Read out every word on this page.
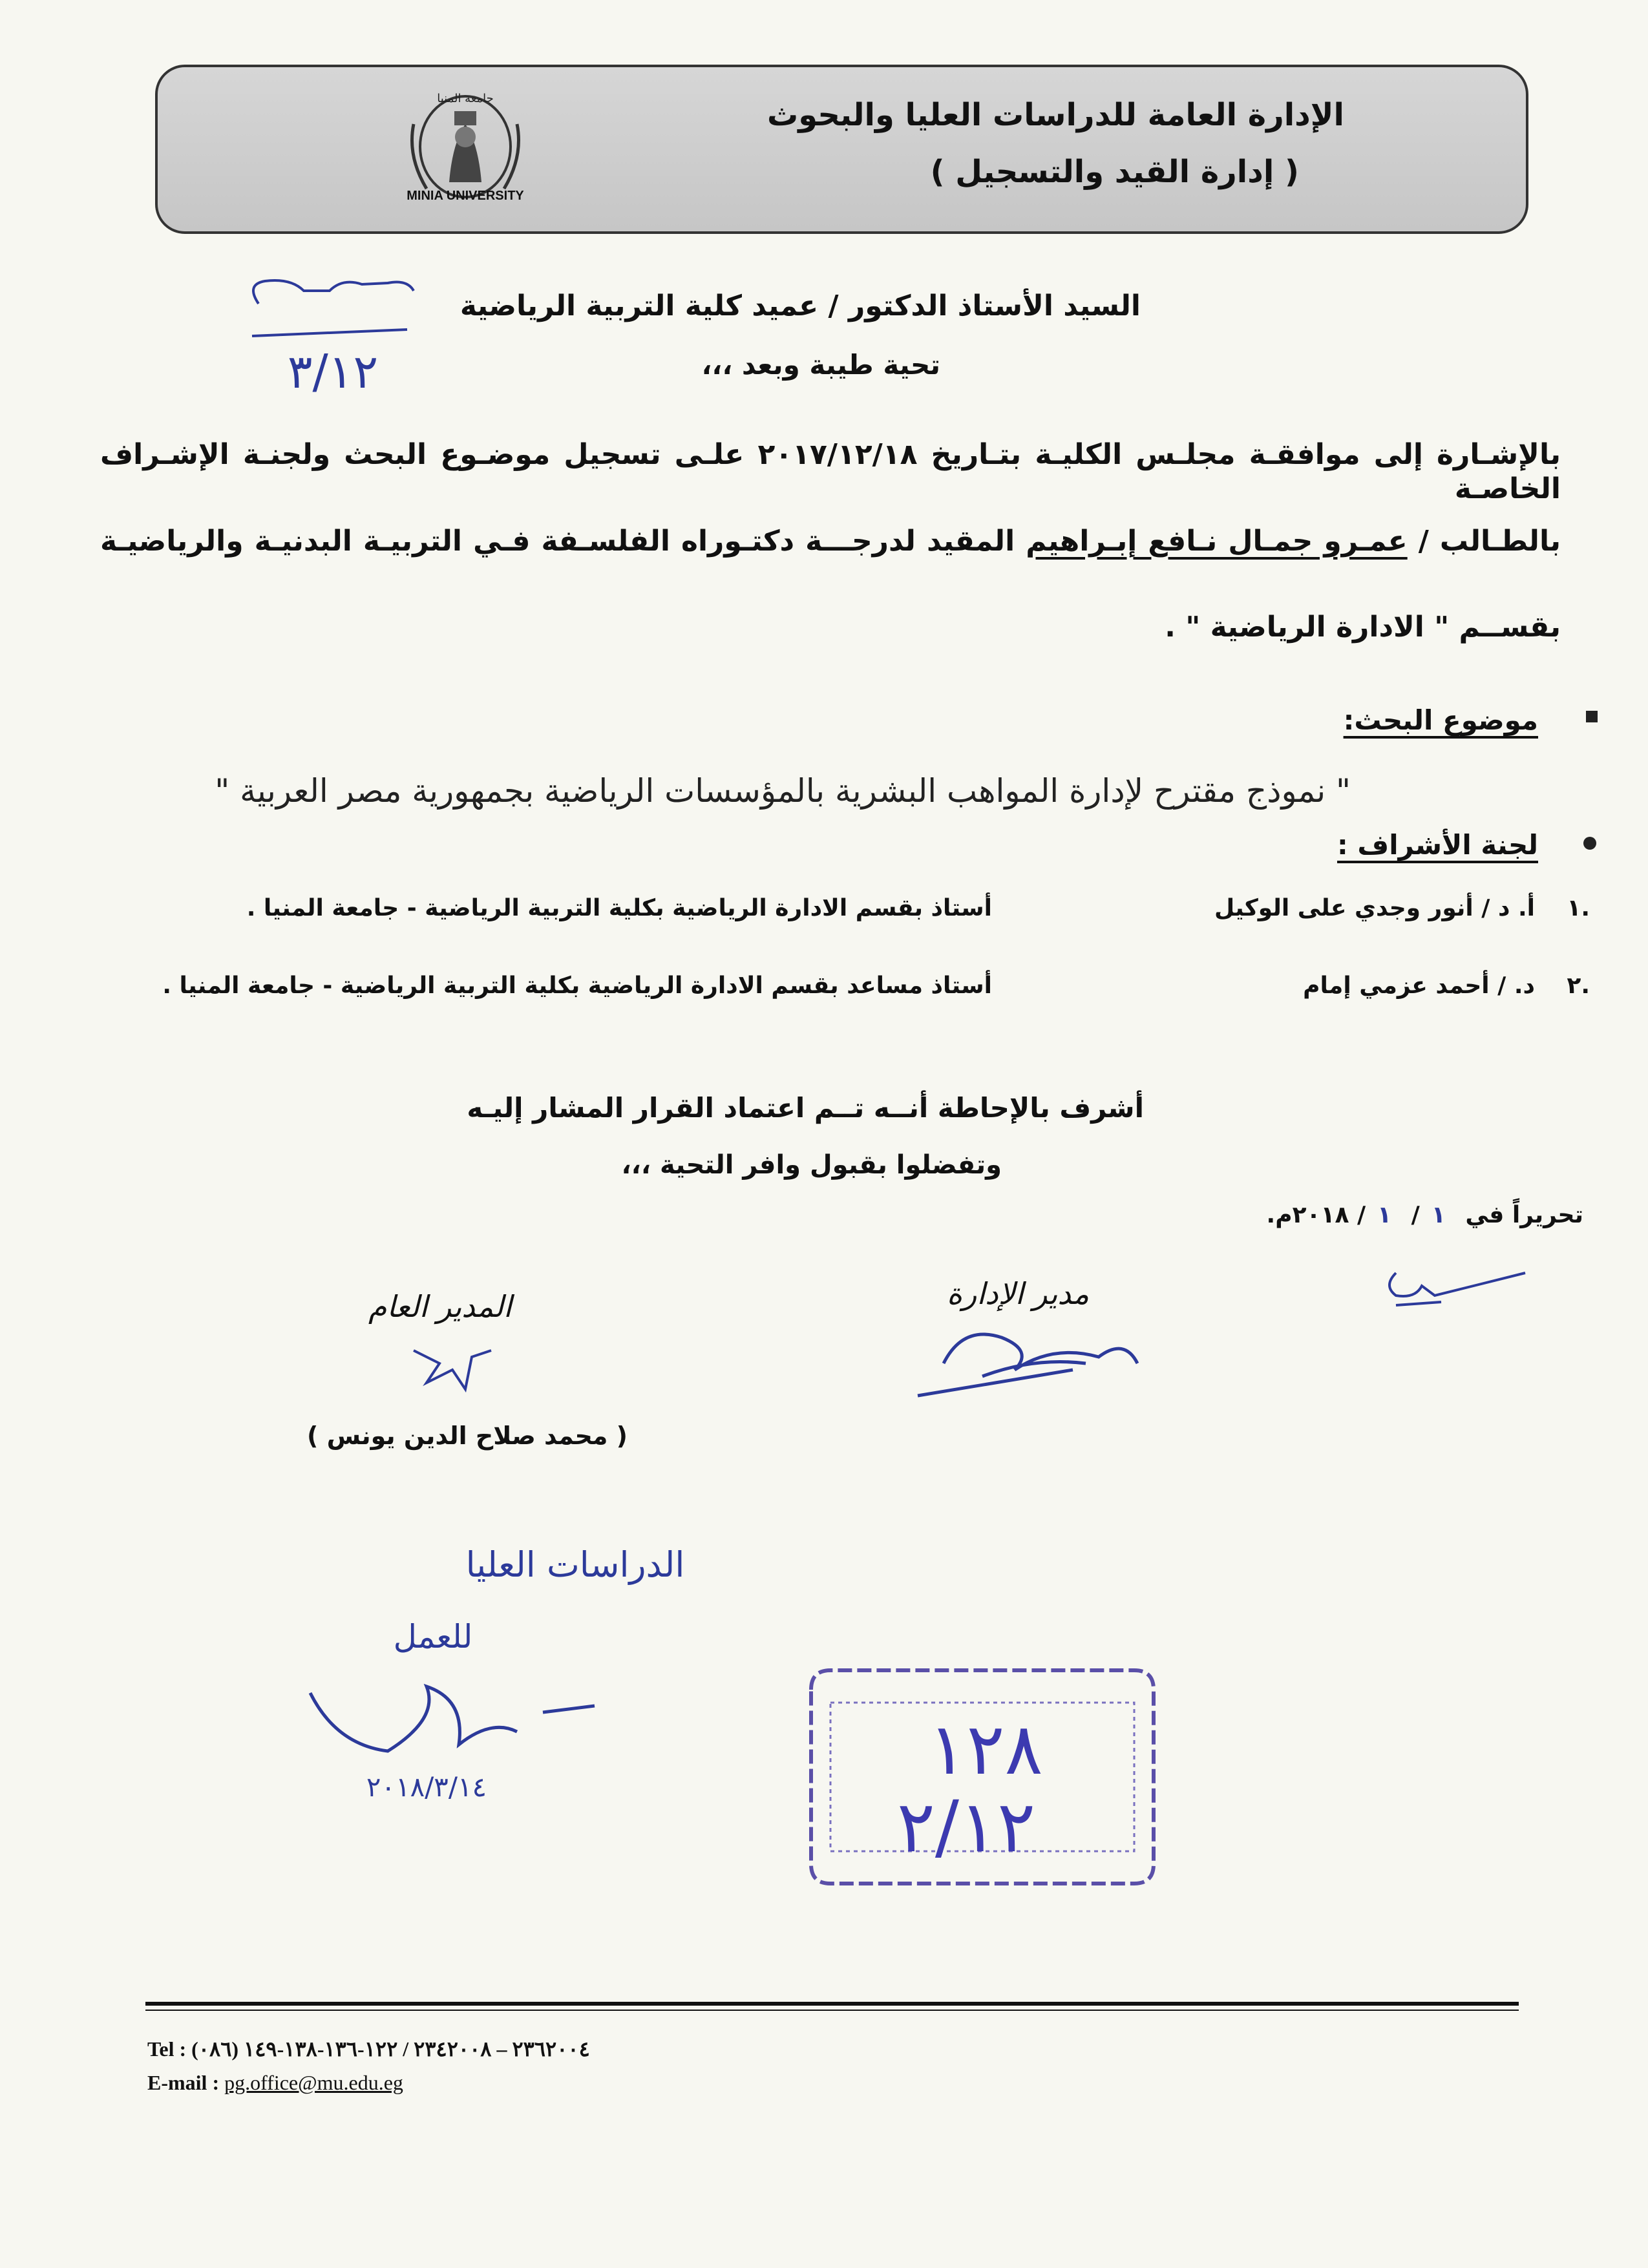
الإدارة العامة للدراسات العليا والبحوث
( إدارة القيد والتسجيل )
جامعة المنيا
MINIA UNIVERSITY
السيد الأستاذ الدكتور / عميد كلية التربية الرياضية
تحية طيبة وبعد ،،،
بالإشـارة إلى موافقـة مجلـس الكليـة بتـاريخ ٢٠١٧/١٢/١٨ علـى تسجيل موضـوع البحث ولجنـة الإشـراف الخاصـة
بالطـالب / عمـرو جمـال نـافع إبـراهيم المقيد لدرجـــة دكتـوراه الفلسـفة فـي التربيـة البدنيـة والرياضيـة
بقســم " الادارة الرياضية " .
موضوع البحث:
" نموذج مقترح لإدارة المواهب البشرية بالمؤسسات الرياضية بجمهورية مصر العربية "
لجنة الأشراف :
.١
أ. د / أنور وجدي على الوكيل
أستاذ بقسم الادارة الرياضية بكلية التربية الرياضية - جامعة المنيا .
.٢
د. / أحمد عزمي إمام
أستاذ مساعد بقسم الادارة الرياضية بكلية التربية الرياضية - جامعة المنيا .
أشرف بالإحاطة أنــه تــم اعتماد القرار المشار إليـه
وتفضلوا بقبول وافر التحية ،،،
تحريراً في ١/ ١/ ٢٠١٨م.
المدير العام
( محمد صلاح الدين يونس )
مدير الإدارة
٣/١٢
الدراسات العليا
للعمل
٢٠١٨/٣/١٤	١٢٨
٢/١٢
Tel : (٠٨٦) ٢٣٦٢٠٠٤ – ٢٣٤٢٠٠٨ / ١٢٢-١٣٦-١٣٨-١٤٩
E-mail : pg.office@mu.edu.eg
